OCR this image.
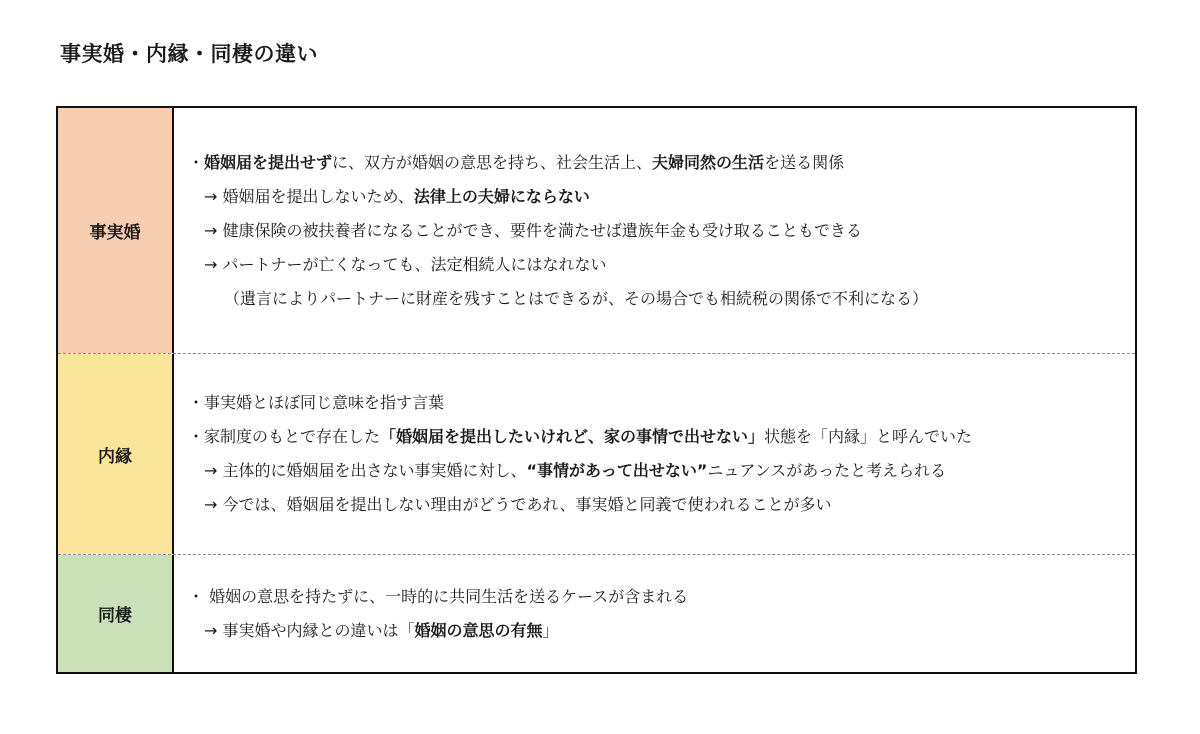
事実婚・内縁・同棲の違い
事実婚
・婚姻届を提出せずに、双方が婚姻の意思を持ち、社会生活上、夫婦同然の生活を送る関係
→ 婚姻届を提出しないため、法律上の夫婦にならない
→ 健康保険の被扶養者になることができ、要件を満たせば遺族年金も受け取ることもできる
→ パートナーが亡くなっても、法定相続人にはなれない
（遺言によりパートナーに財産を残すことはできるが、その場合でも相続税の関係で不利になる）
内縁
・事実婚とほぼ同じ意味を指す言葉
・家制度のもとで存在した「婚姻届を提出したいけれど、家の事情で出せない」状態を「内縁」と呼んでいた
→ 主体的に婚姻届を出さない事実婚に対し、“事情があって出せない”ニュアンスがあったと考えられる
→ 今では、婚姻届を提出しない理由がどうであれ、事実婚と同義で使われることが多い
同棲
・ 婚姻の意思を持たずに、一時的に共同生活を送るケースが含まれる
→ 事実婚や内縁との違いは「婚姻の意思の有無」
